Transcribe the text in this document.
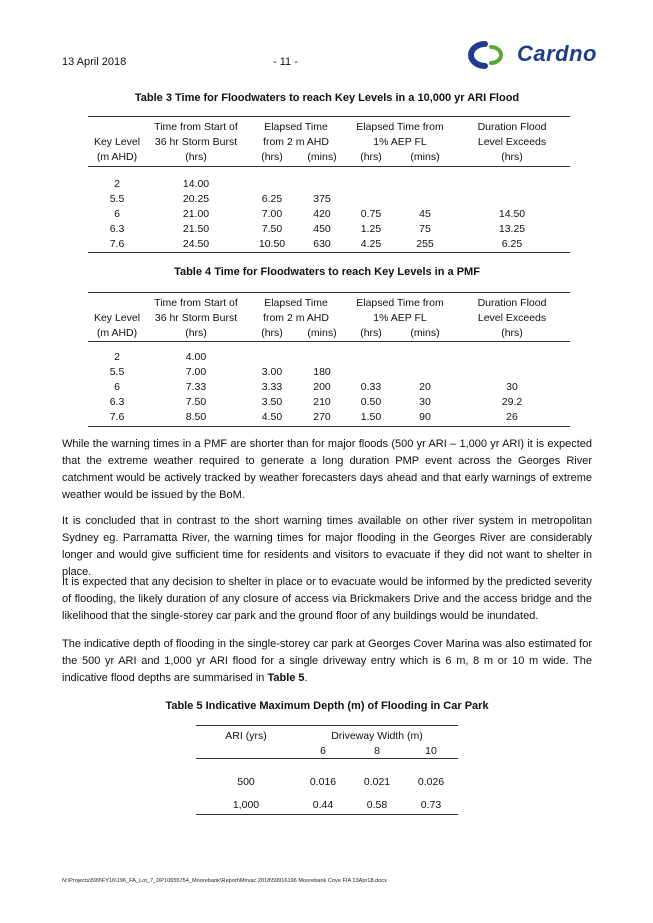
13 April 2018	- 11 -	Cardno
Table 3 Time for Floodwaters to reach Key Levels in a 10,000 yr ARI Flood
	Time from Start of	Elapsed Time		Elapsed Time from		Duration Flood
Key Level	36 hr Storm Burst	from 2 m AHD		1% AEP FL		Level Exceeds
(m AHD)	(hrs)	(hrs)	(mins)	(hrs)	(mins)	(hrs)
2	14.00					
5.5	20.25	6.25	375			
6	21.00	7.00	420	0.75	45	14.50
6.3	21.50	7.50	450	1.25	75	13.25
7.6	24.50	10.50	630	4.25	255	6.25
Table 4 Time for Floodwaters to reach Key Levels in a PMF
	Time from Start of	Elapsed Time		Elapsed Time from		Duration Flood
Key Level	36 hr Storm Burst	from 2 m AHD		1% AEP FL		Level Exceeds
(m AHD)	(hrs)	(hrs)	(mins)	(hrs)	(mins)	(hrs)
2	4.00					
5.5	7.00	3.00	180			
6	7.33	3.33	200	0.33	20	30
6.3	7.50	3.50	210	0.50	30	29.2
7.6	8.50	4.50	270	1.50	90	26
While the warning times in a PMF are shorter than for major floods (500 yr ARI – 1,000 yr ARI) it is expected that the extreme weather required to generate a long duration PMP event across the Georges River catchment would be actively tracked by weather forecasters days ahead and that early warnings of extreme weather would be issued by the BoM.
It is concluded that in contrast to the short warning times available on other river system in metropolitan Sydney eg. Parramatta River, the warning times for major flooding in the Georges River are considerably longer and would give sufficient time for residents and visitors to evacuate if they did not want to shelter in place.
It is expected that any decision to shelter in place or to evacuate would be informed by the predicted severity of flooding, the likely duration of any closure of access via Brickmakers Drive and the access bridge and the likelihood that the single-storey car park and the ground floor of any buildings would be inundated.
The indicative depth of flooding in the single-storey car park at Georges Cover Marina was also estimated for the 500 yr ARI and 1,000 yr ARI flood for a single driveway entry which is 6 m, 8 m or 10 m wide. The indicative flood depths are summarised in Table 5.
Table 5 Indicative Maximum Depth (m) of Flooding in Car Park
ARI (yrs)	Driveway Width (m)		
	6	8	10
500	0.016	0.021	0.026
1,000	0.44	0.58	0.73
N:\Projects\599\FY16\196_FA_Lot_7_DP10655754_Moorebank\Report\Mirvac 2018\59916196 Moorebank Cove FIA 13Apr18.docx
